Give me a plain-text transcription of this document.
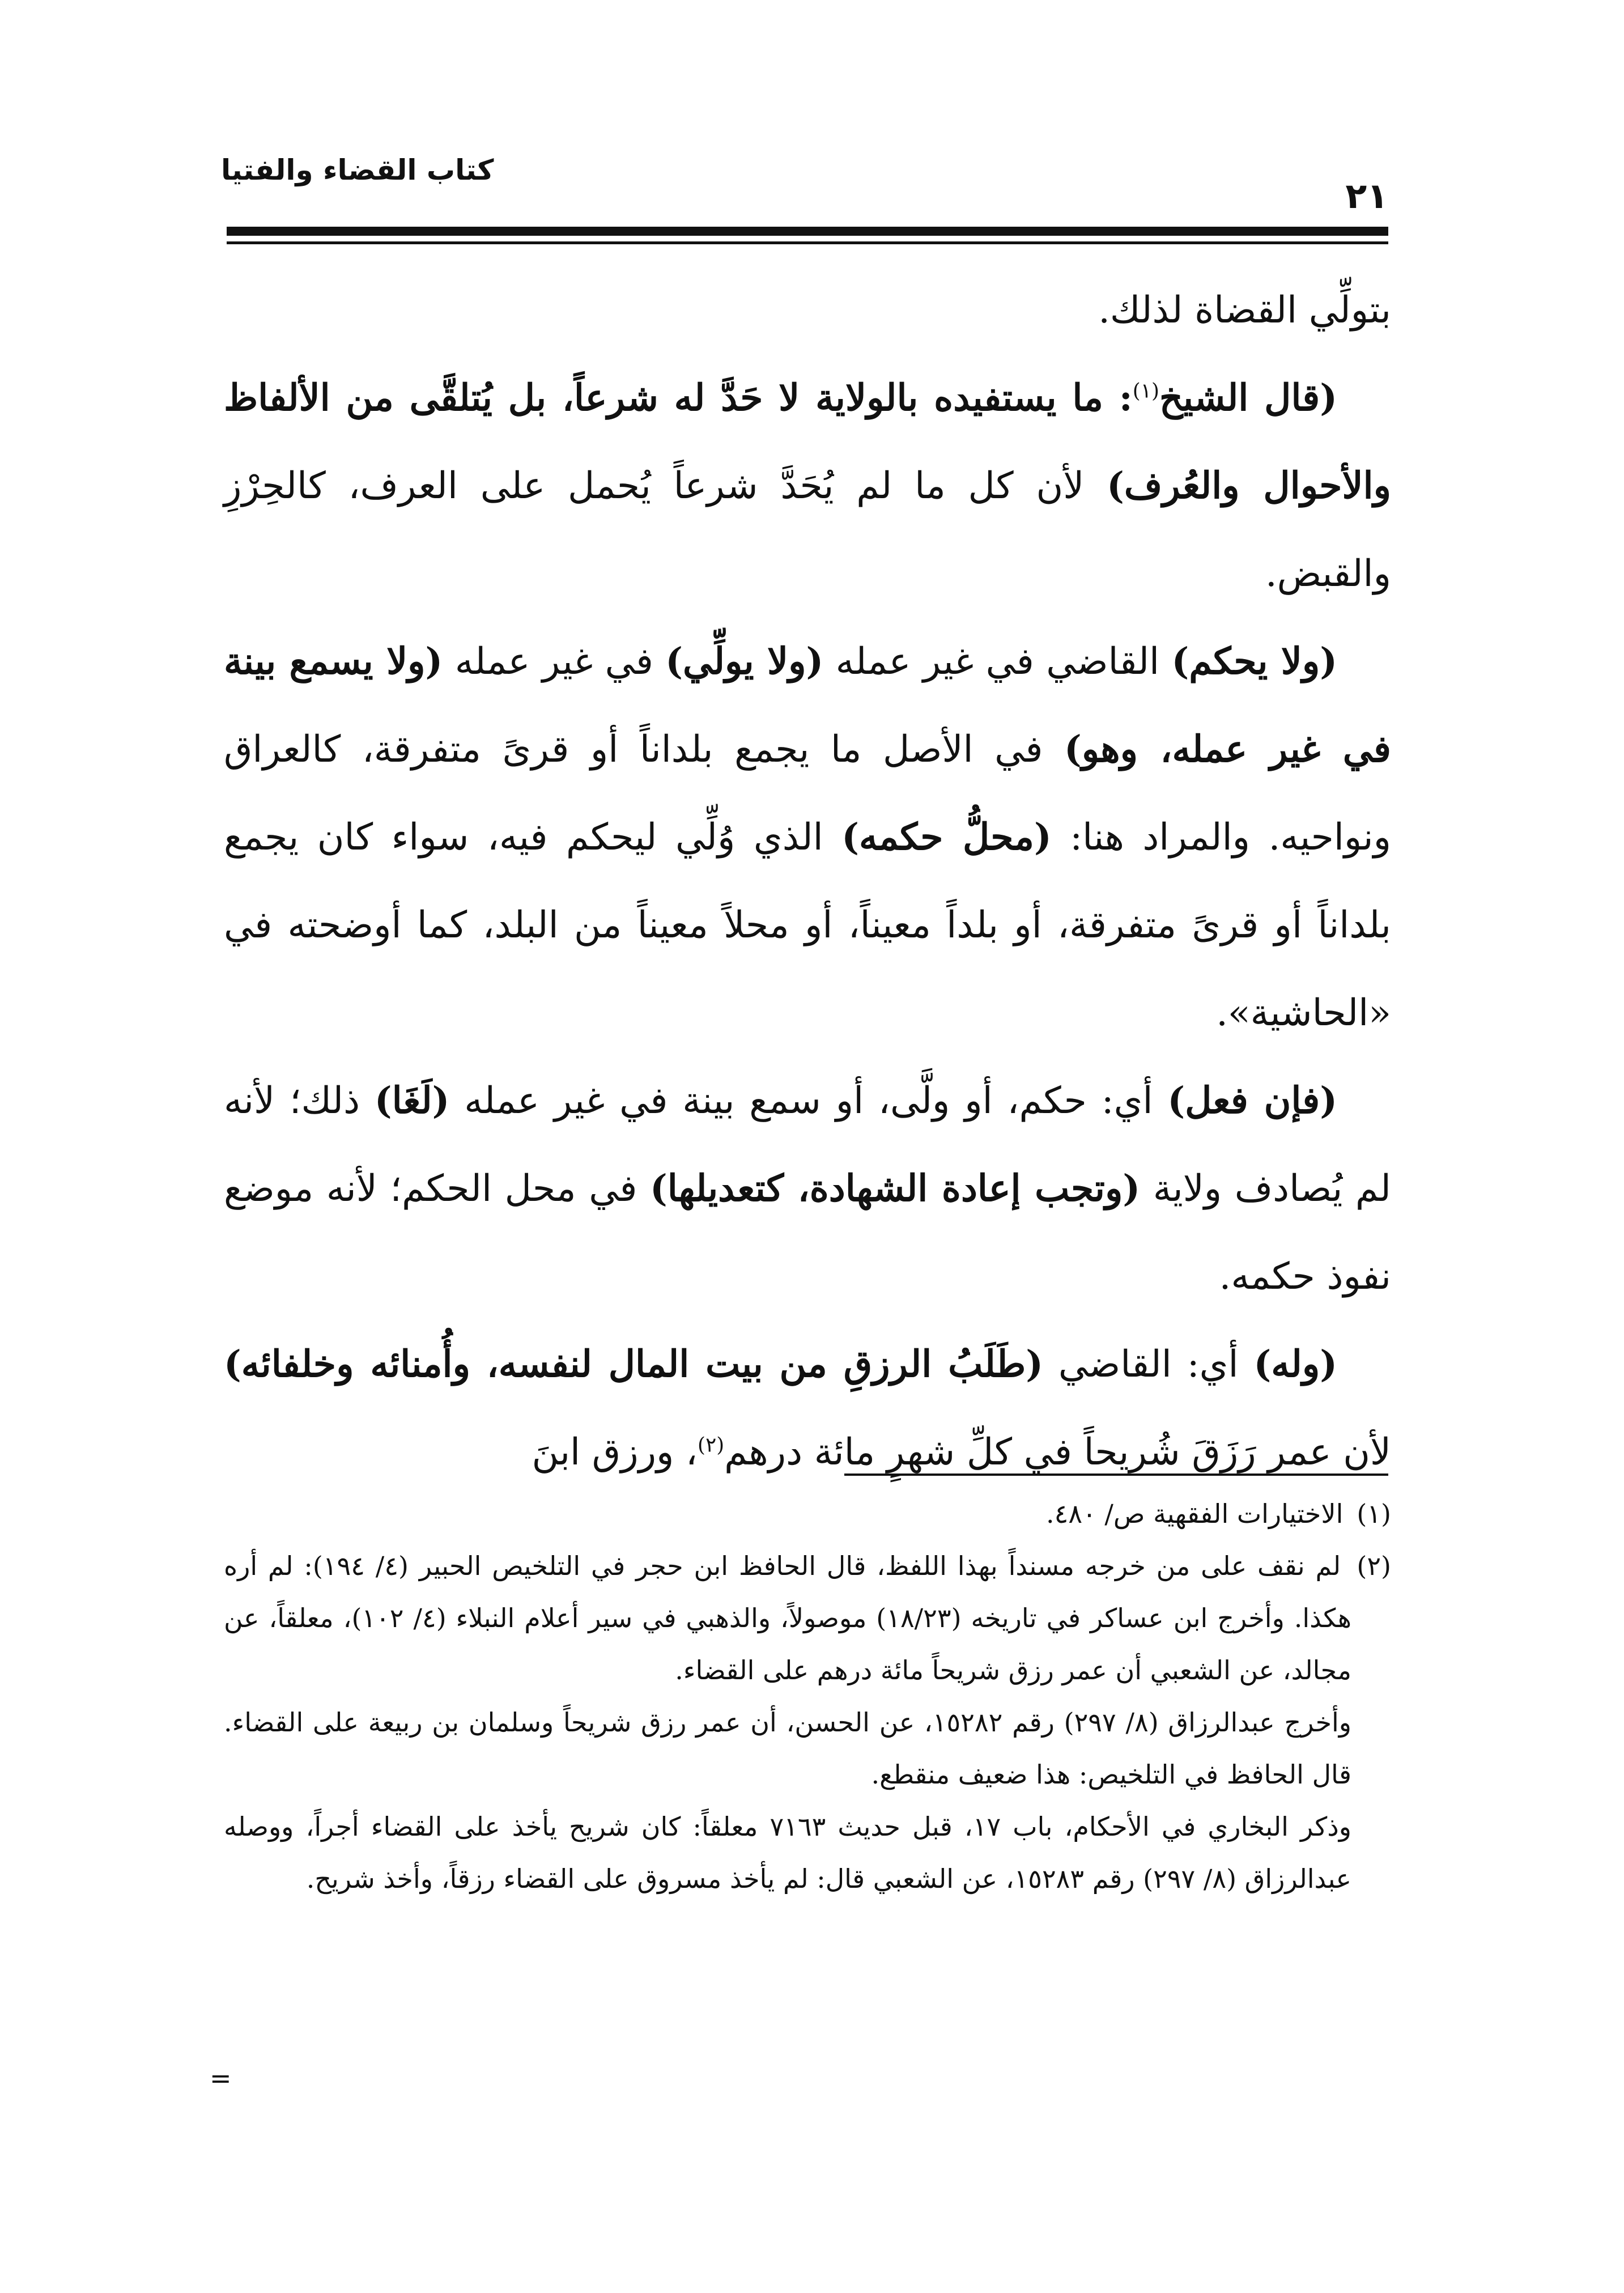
٢١
كتاب القضاء والفتيا

بتولِّي القضاة لذلك.

(قال الشيخ$^{(١)}$: ما يستفيده بالولاية لا حَدَّ له شرعاً، بل يُتلقَّى من الألفاظ والأحوال والعُرف) لأن كل ما لم يُحَدَّ شرعاً يُحمل على العرف، كالحِرْزِ والقبض.

(ولا يحكم) القاضي في غير عمله (ولا يولِّي) في غير عمله (ولا يسمع بينة في غير عمله، وهو) في الأصل ما يجمع بلداناً أو قرىً متفرقة، كالعراق ونواحيه. والمراد هنا: (محلُّ حكمه) الذي وُلِّي ليحكم فيه، سواء كان يجمع بلداناً أو قرىً متفرقة، أو بلداً معيناً، أو محلاً معيناً من البلد، كما أوضحته في «الحاشية».

(فإن فعل) أي: حكم، أو ولَّى، أو سمع بينة في غير عمله (لَغَا) ذلك؛ لأنه لم يُصادف ولاية (وتجب إعادة الشهادة، كتعديلها) في محل الحكم؛ لأنه موضع نفوذ حكمه.

(وله) أي: القاضي (طَلَبُ الرزقِ من بيت المال لنفسه، وأُمنائه وخلفائه) لأن عمر رَزَقَ شُريحاً في كلِّ شهرٍ مائة درهم$^{(٢)}$، ورزق ابنَ

(١) الاختيارات الفقهية ص/ ٤٨٠.

(٢) لم نقف على من خرجه مسنداً بهذا اللفظ، قال الحافظ ابن حجر في التلخيص الحبير (٤/ ١٩٤): لم أره هكذا. وأخرج ابن عساكر في تاريخه (١٨/٢٣) موصولاً، والذهبي في سير أعلام النبلاء (٤/ ١٠٢)، معلقاً، عن مجالد، عن الشعبي أن عمر رزق شريحاً مائة درهم على القضاء.

وأخرج عبدالرزاق (٨/ ٢٩٧) رقم ١٥٢٨٢، عن الحسن، أن عمر رزق شريحاً وسلمان بن ربيعة على القضاء. قال الحافظ في التلخيص: هذا ضعيف منقطع.

وذكر البخاري في الأحكام، باب ١٧، قبل حديث ٧١٦٣ معلقاً: كان شريح يأخذ على القضاء أجراً، ووصله عبدالرزاق (٨/ ٢٩٧) رقم ١٥٢٨٣، عن الشعبي قال: لم يأخذ مسروق على القضاء رزقاً، وأخذ شريح.

=
